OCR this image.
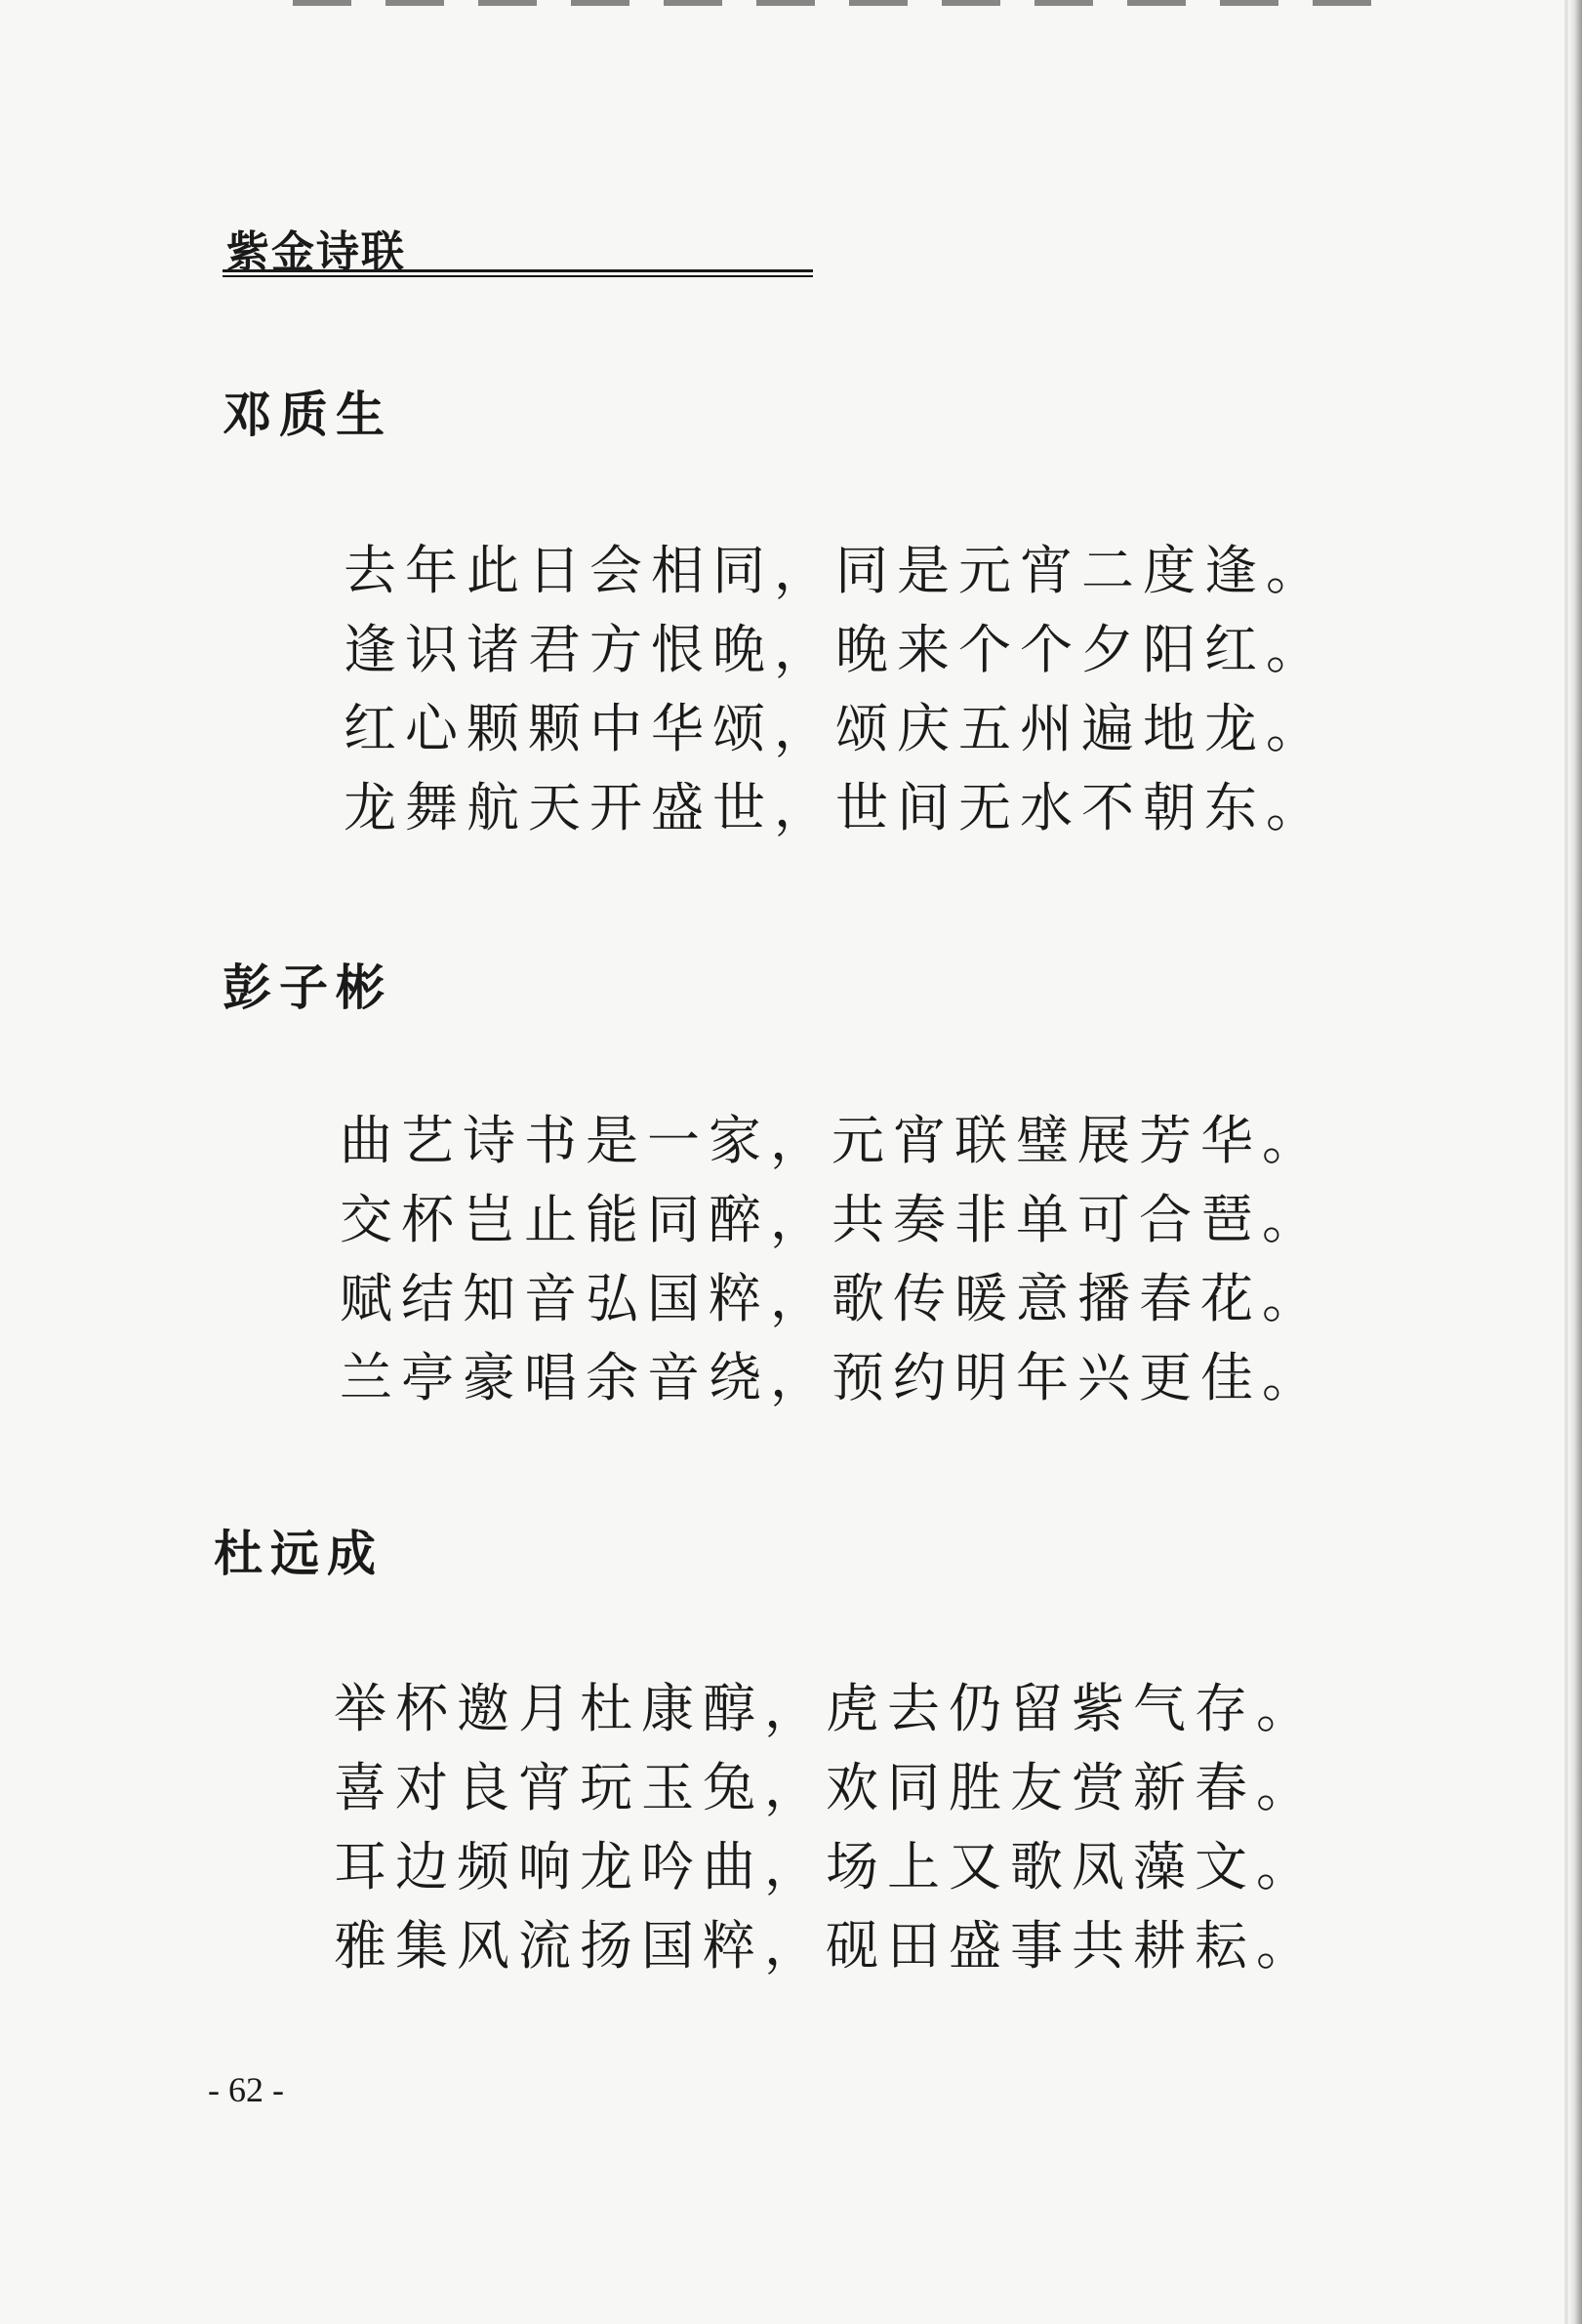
紫金诗联
邓质生
去年此日会相同，同是元宵二度逢。
逢识诸君方恨晚，晚来个个夕阳红。
红心颗颗中华颂，颂庆五州遍地龙。
龙舞航天开盛世，世间无水不朝东。
彭子彬
曲艺诗书是一家，元宵联璧展芳华。
交杯岂止能同醉，共奏非单可合琶。
赋结知音弘国粹，歌传暖意播春花。
兰亭豪唱余音绕，预约明年兴更佳。
杜远成
举杯邀月杜康醇，虎去仍留紫气存。
喜对良宵玩玉兔，欢同胜友赏新春。
耳边频响龙吟曲，场上又歌凤藻文。
雅集风流扬国粹，砚田盛事共耕耘。
- 62 -
